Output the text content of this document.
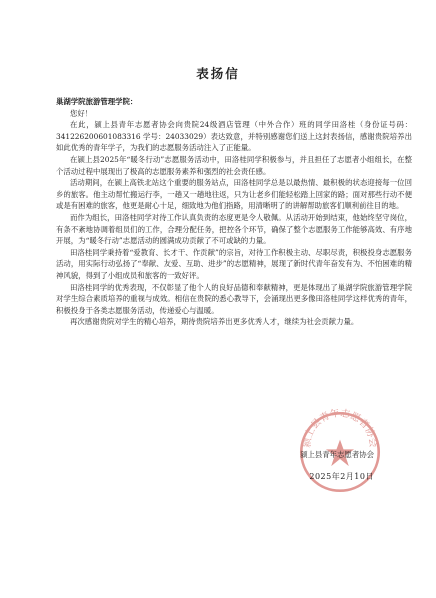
表扬信

巢湖学院旅游管理学院：

您好！

在此，颍上县青年志愿者协会向贵院24级酒店管理（中外合作）班的同学田洛桂（身份证号码：341226200601083316 学号：24033029）表达致意，并特别感谢您们送上这封表扬信，感谢贵院培养出如此优秀的青年学子，为我们的志愿服务活动注入了正能量。

在颍上县2025年“暖冬行动”志愿服务活动中，田洛桂同学积极参与，并且担任了志愿者小组组长，在整个活动过程中展现出了极高的志愿服务素养和强烈的社会责任感。

活动期间，在颍上高铁北站这个重要的服务站点，田洛桂同学总是以最热情、最积极的状态迎接每一位回乡的旅客。他主动帮忙搬运行李，一趟又一趟地往返，只为让老乡们能轻松踏上回家的路；面对那些行动不便或是有困难的旅客，他更是耐心十足，细致地为他们指路，用清晰明了的讲解帮助旅客们顺利前往目的地。

而作为组长，田洛桂同学对待工作认真负责的态度更是令人敬佩。从活动开始到结束，他始终坚守岗位，有条不紊地协调着组员们的工作，合理分配任务，把控各个环节，确保了整个志愿服务工作能够高效、有序地开展，为“暖冬行动”志愿活动的圆满成功贡献了不可或缺的力量。

田洛桂同学秉持着“爱教育、长才干、作贡献”的宗旨，对待工作积极主动、尽职尽责，积极投身志愿服务活动，用实际行动弘扬了“奉献、友爱、互助、进步”的志愿精神，展现了新时代青年奋发有为、不怕困难的精神风貌，得到了小组成员和旅客的一致好评。

田洛桂同学的优秀表现，不仅彰显了他个人的良好品德和奉献精神，更是体现出了巢湖学院旅游管理学院对学生综合素质培养的重视与成效。相信在贵院的悉心教导下，会涌现出更多像田洛桂同学这样优秀的青年，积极投身于各类志愿服务活动，传递爱心与温暖。

再次感谢贵院对学生的精心培养，期待贵院培养出更多优秀人才，继续为社会贡献力量。

颍上县青年志愿者协会
颍上县青年志愿者协会
2025年2月10日
